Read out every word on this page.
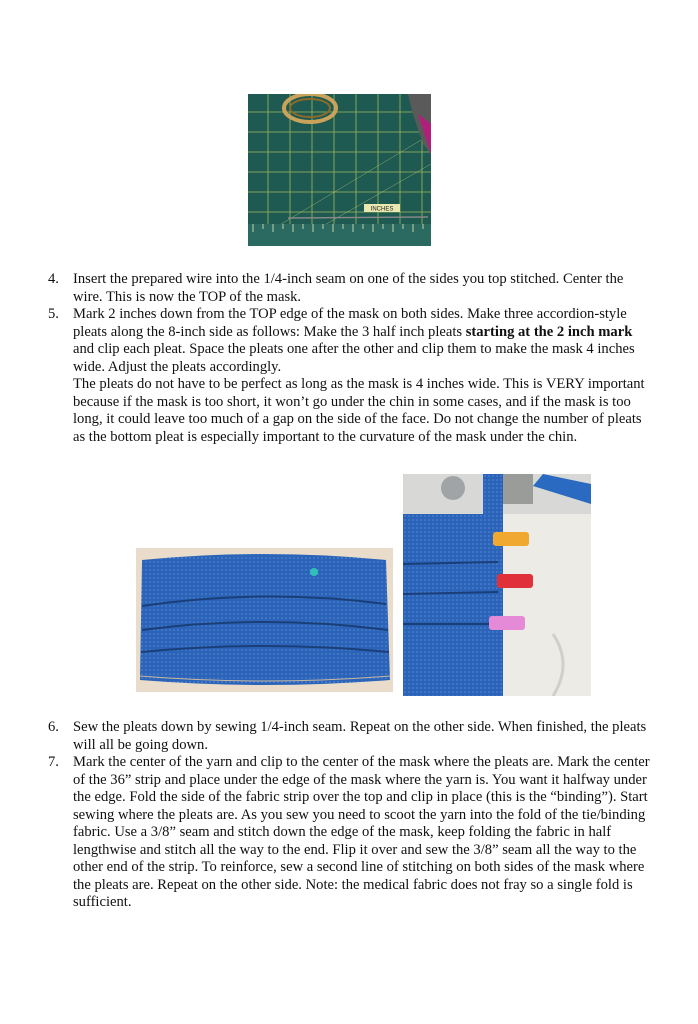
INCHES
4. Insert the prepared wire into the 1/4-inch seam on one of the sides you top stitched. Center the wire. This is now the TOP of the mask.
5. Mark 2 inches down from the TOP edge of the mask on both sides. Make three accordion-style pleats along the 8-inch side as follows: Make the 3 half inch pleats starting at the 2 inch mark and clip each pleat. Space the pleats one after the other and clip them to make the mask 4 inches wide. Adjust the pleats accordingly.
The pleats do not have to be perfect as long as the mask is 4 inches wide. This is VERY important because if the mask is too short, it won’t go under the chin in some cases, and if the mask is too long, it could leave too much of a gap on the side of the face. Do not change the number of pleats as the bottom pleat is especially important to the curvature of the mask under the chin.
6. Sew the pleats down by sewing 1/4-inch seam. Repeat on the other side. When finished, the pleats will all be going down.
7. Mark the center of the yarn and clip to the center of the mask where the pleats are. Mark the center of the 36” strip and place under the edge of the mask where the yarn is. You want it halfway under the edge. Fold the side of the fabric strip over the top and clip in place (this is the “binding”). Start sewing where the pleats are. As you sew you need to scoot the yarn into the fold of the tie/binding fabric. Use a 3/8” seam and stitch down the edge of the mask, keep folding the fabric in half lengthwise and stitch all the way to the end. Flip it over and sew the 3/8” seam all the way to the other end of the strip. To reinforce, sew a second line of stitching on both sides of the mask where the pleats are. Repeat on the other side. Note: the medical fabric does not fray so a single fold is sufficient.
